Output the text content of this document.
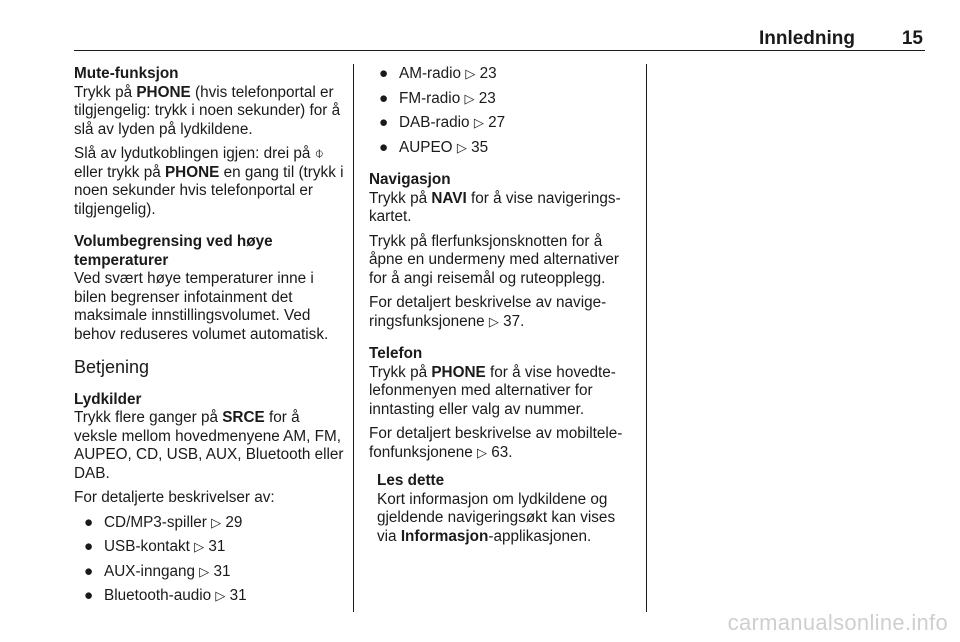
Innledning 15
Mute-funksjon

Trykk på PHONE (hvis telefonportal er tilgjengelig: trykk i noen sekunder) for å slå av lyden på lydkildene.

Slå av lydutkoblingen igjen: drei på ⌽ eller trykk på PHONE en gang til (trykk i noen sekunder hvis telefonportal er tilgjengelig).

Volumbegrensing ved høye temperaturer

Ved svært høye temperaturer inne i bilen begrenser infotainment det maksimale innstillingsvolumet. Ved behov reduseres volumet automatisk.

Betjening
Lydkilder

Trykk flere ganger på SRCE for å veksle mellom hovedmenyene AM, FM, AUPEO, CD, USB, AUX, Bluetooth eller DAB.

For detaljerte beskrivelser av:

● CD/MP3-spiller ▷ 29
● USB-kontakt ▷ 31
● AUX-inngang ▷ 31
● Bluetooth-audio ▷ 31
● AM-radio ▷ 23
● FM-radio ▷ 23
● DAB-radio ▷ 27
● AUPEO ▷ 35
Navigasjon

Trykk på NAVI for å vise navigeringskartet.

Trykk på flerfunksjonsknotten for å åpne en undermeny med alternativer for å angi reisemål og ruteopplegg.

For detaljert beskrivelse av navigeringsfunksjonene ▷ 37.

Telefon

Trykk på PHONE for å vise hovedtelefonmenyen med alternativer for inntasting eller valg av nummer.

For detaljert beskrivelse av mobiltelefonfunksjonene ▷ 63.

Les dette

Kort informasjon om lydkildene og gjeldende navigeringsøkt kan vises via Informasjon-applikasjonen.

carmanualsonline.info
